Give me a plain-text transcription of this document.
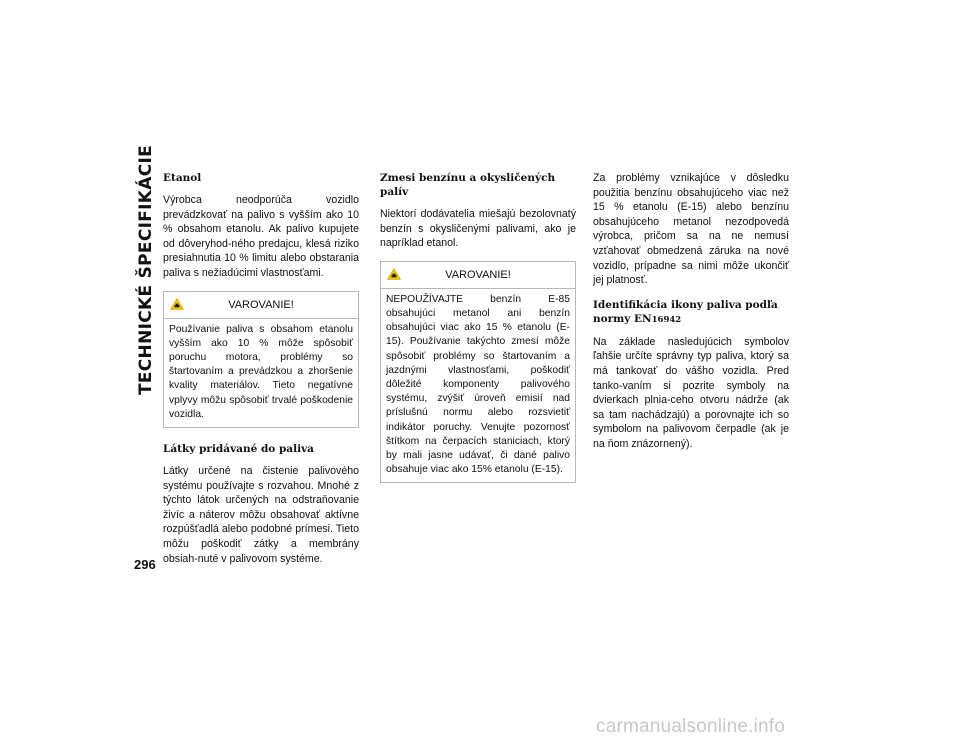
TECHNICKÉ ŠPECIFIKÁCIE Etanol

Výrobca neodporúča vozidlo prevádzkovať na palivo s vyšším ako 10 % obsahom etanolu. Ak palivo kupujete od dôveryhod-ného predajcu, klesá riziko presiahnutia 10 % limitu alebo obstarania paliva s nežiadúcimi vlastnosťami.

VAROVANIE!
Používanie paliva s obsahom etanolu vyšším ako 10 % môže spôsobiť poruchu motora, problémy so štartovaním a prevádzkou a zhoršenie kvality materiálov. Tieto negatívne vplyvy môžu spôsobiť trvalé poškodenie vozidla.
Látky pridávané do paliva

Látky určené na čistenie palivového systému používajte s rozvahou. Mnohé z týchto látok určených na odstraňovanie živíc a náterov môžu obsahovať aktívne rozpúšťadlá alebo podobné prímesi. Tieto môžu poškodiť zátky a membrány obsiah-nuté v palivovom systéme.

Zmesi benzínu a okysličených palív

Niektorí dodávatelia miešajú bezolovnatý benzín s okysličenými palivami, ako je napríklad etanol.

VAROVANIE!
NEPOUŽÍVAJTE benzín E-85 obsahujúci metanol ani benzín obsahujúci viac ako 15 % etanolu (E-15). Používanie takýchto zmesí môže spôsobiť problémy so štartovaním a jazdnými vlastnosťami, poškodiť dôležité komponenty palivového systému, zvýšiť úroveň emisií nad príslušnú normu alebo rozsvietiť indikátor poruchy. Venujte pozornosť štítkom na čerpacích staniciach, ktorý by mali jasne udávať, či dané palivo obsahuje viac ako 15% etanolu (E-15).

Za problémy vznikajúce v dôsledku použitia benzínu obsahujúceho viac než 15 % etanolu (E-15) alebo benzínu obsahujúceho metanol nezodpovedá výrobca, pričom sa na ne nemusí vzťahovať obmedzená záruka na nové vozidlo, prípadne sa nimi môže ukončiť jej platnosť.

Identifikácia ikony paliva podľa normy EN16942

Na základe nasledujúcich symbolov ľahšie určíte správny typ paliva, ktorý sa má tankovať do vášho vozidla. Pred tanko-vaním si pozrite symboly na dvierkach plnia-ceho otvoru nádrže (ak sa tam nachádzajú) a porovnajte ich so symbolom na palivovom čerpadle (ak je na ňom znázornený).

296
carmanualsonline.info
